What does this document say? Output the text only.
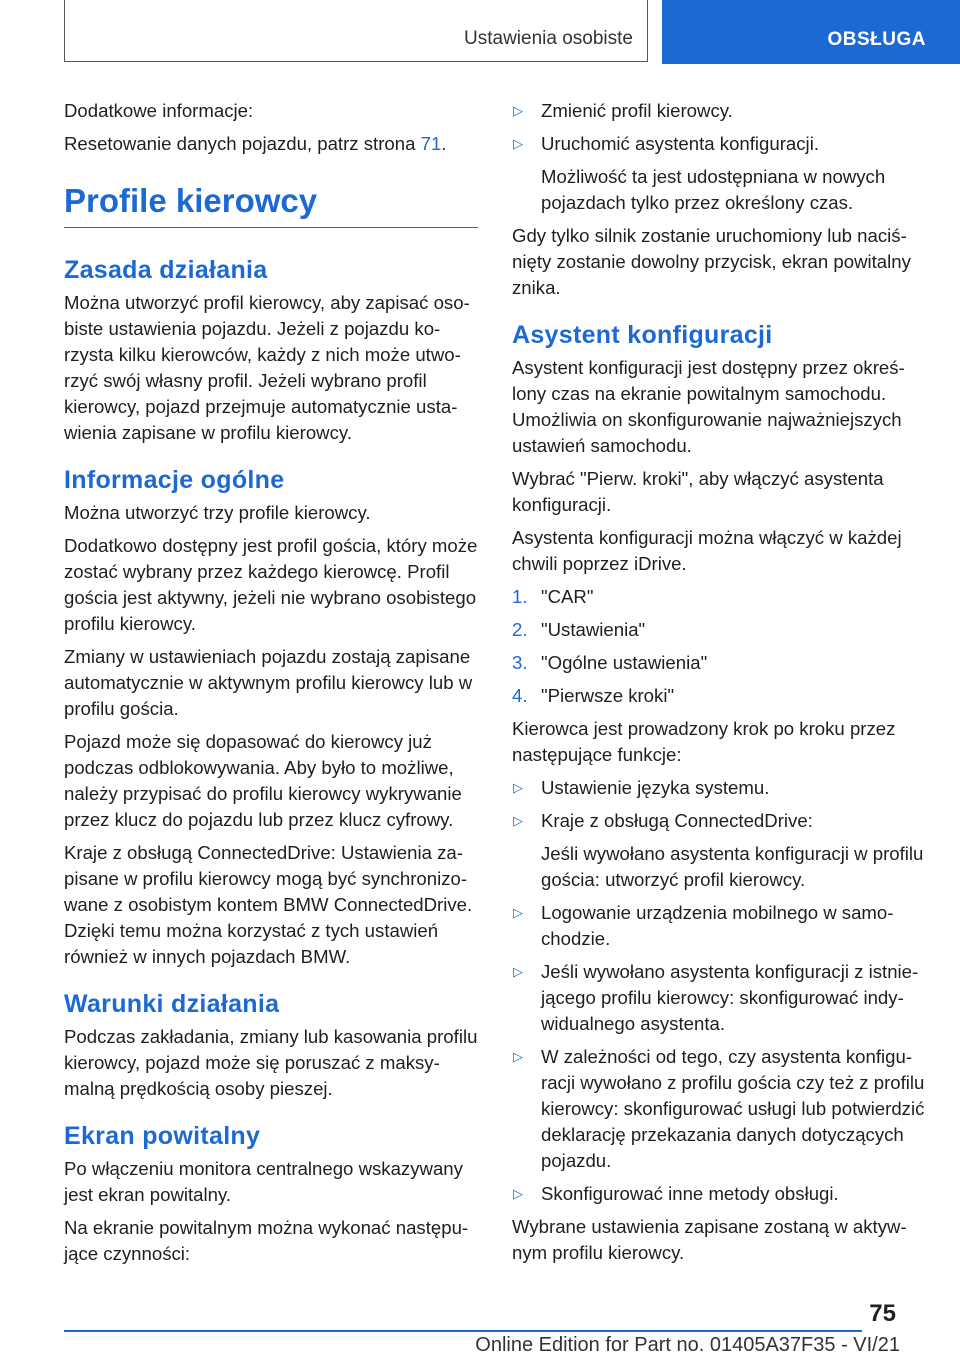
Ustawienia osobiste	OBSŁUGA

Dodatkowe informacje:

Resetowanie danych pojazdu, patrz strona 71.

Profile kierowcy
Zasada działania

Można utworzyć profil kierowcy, aby zapisać osobiste ustawienia pojazdu. Jeżeli z pojazdu korzysta kilku kierowców, każdy z nich może utworzyć swój własny profil. Jeżeli wybrano profil kierowcy, pojazd przejmuje automatycznie ustawienia zapisane w profilu kierowcy.

Informacje ogólne

Można utworzyć trzy profile kierowcy.

Dodatkowo dostępny jest profil gościa, który może zostać wybrany przez każdego kierowcę. Profil gościa jest aktywny, jeżeli nie wybrano osobistego profilu kierowcy.

Zmiany w ustawieniach pojazdu zostają zapisane automatycznie w aktywnym profilu kierowcy lub w profilu gościa.

Pojazd może się dopasować do kierowcy już podczas odblokowywania. Aby było to możliwe, należy przypisać do profilu kierowcy wykrywanie przez klucz do pojazdu lub przez klucz cyfrowy.

Kraje z obsługą ConnectedDrive: Ustawienia zapisane w profilu kierowcy mogą być synchronizowane z osobistym kontem BMW ConnectedDrive. Dzięki temu można korzystać z tych ustawień również w innych pojazdach BMW.

Warunki działania

Podczas zakładania, zmiany lub kasowania profilu kierowcy, pojazd może się poruszać z maksymalną prędkością osoby pieszej.

Ekran powitalny

Po włączeniu monitora centralnego wskazywany jest ekran powitalny.

Na ekranie powitalnym można wykonać następujące czynności:

▷ Zmienić profil kierowcy.
▷ Uruchomić asystenta konfiguracji.
Możliwość ta jest udostępniana w nowych pojazdach tylko przez określony czas.

Gdy tylko silnik zostanie uruchomiony lub naciśnięty zostanie dowolny przycisk, ekran powitalny znika.

Asystent konfiguracji

Asystent konfiguracji jest dostępny przez określony czas na ekranie powitalnym samochodu. Umożliwia on skonfigurowanie najważniejszych ustawień samochodu.

Wybrać "Pierw. kroki", aby włączyć asystenta konfiguracji.

Asystenta konfiguracji można włączyć w każdej chwili poprzez iDrive.

1. "CAR"
2. "Ustawienia"
3. "Ogólne ustawienia"
4. "Pierwsze kroki"

Kierowca jest prowadzony krok po kroku przez następujące funkcje:

▷ Ustawienie języka systemu.
▷ Kraje z obsługą ConnectedDrive:
Jeśli wywołano asystenta konfiguracji w profilu gościa: utworzyć profil kierowcy.
▷ Logowanie urządzenia mobilnego w samochodzie.
▷ Jeśli wywołano asystenta konfiguracji z istniejącego profilu kierowcy: skonfigurować indywidualnego asystenta.
▷ W zależności od tego, czy asystenta konfiguracji wywołano z profilu gościa czy też z profilu kierowcy: skonfigurować usługi lub potwierdzić deklarację przekazania danych dotyczących pojazdu.
▷ Skonfigurować inne metody obsługi.

Wybrane ustawienia zapisane zostaną w aktywnym profilu kierowcy.

75
Online Edition for Part no. 01405A37F35 - VI/21
